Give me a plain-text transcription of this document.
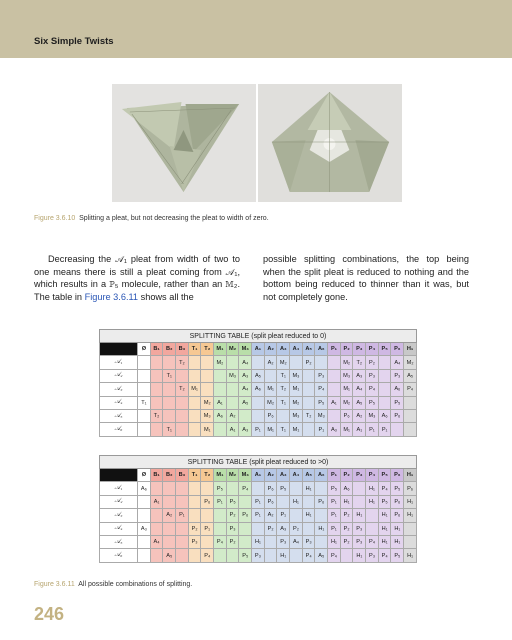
Six Simple Twists
Figure 3.6.10 Splitting a pleat, but not decreasing the pleat to width of zero.
Decreasing the 𝒜₁ pleat from width of two to one means there is still a pleat coming from 𝒜₁, which results in a ℙ₅ molecule, rather than an 𝕄₂. The table in Figure 3.6.11 shows all the
possible splitting combinations, the top being when the split pleat is reduced to nothing and the bottom being reduced to thinner than it was, but not completely gone.
SPLITTING TABLE (split pleat reduced to 0)																						
	Ø	B₁	B₂	B₃	T₁	T₂	M₁	M₂	M₃	A₁	A₂	A₃	A₄	A₅	A₆	P₁	P₂	P₃	P₄	P₅	P₆	H₁
𝒜₁				T₂			M₂		A₄		A₂	M₂		P₂			M₂	T₂	P₂		A₄	M₂
𝒜₂			T₁					M₃	A₃	A₅		T₁	M₃		P₃		M₃	A₃	P₃		P₃	A₅
𝒜₃				T₂	M₁				A₄	A₆	M₁	T₂	M₁		P₄		M₁	A₄	P₄		A₆	P₄
𝒜₄	T₁					M₂	A₁		A₅		M₂	T₁	M₂		P₅	A₁	M₂	A₅	P₅		P₅	
𝒜₅		T₂				M₃	A₆	A₂			P₆		M₃	T₂	M₃		P₆	A₂	M₃	A₆	P₆	
𝒜₆			T₁			M₁		A₁	A₃	P₁	M₁	T₁	M₁		P₁	A₃	M₁	A₁	P₁	P₁		
SPLITTING TABLE (split pleat reduced to >0)																						
	Ø	B₁	B₂	B₃	T₁	T₂	M₁	M₂	M₃	A₁	A₂	A₃	A₄	A₅	A₆	P₁	P₂	P₃	P₄	P₅	P₆	H₁
𝒜₁	A₆						P₅		P₄		P₆	P₅		H₁		P₅	A₆		H₁	P₄	P₅	P₆
𝒜₂		A₁				P₆	P₁	P₅		P₁	P₆		H₁		P₆	P₁	H₁		H₁	P₅	P₆	H₁
𝒜₃			A₂	P₁				P₂	P₆	P₁	A₂	P₁		H₁		P₁	P₂	H₁		H₁	P₆	H₁
𝒜₄	A₃				P₂	P₁		P₃			P₂	A₃	P₂		H₁	P₁	P₂	P₃		H₁	H₁	
𝒜₅		A₄			P₃		P₄	P₂		H₁		P₃	A₄	P₃		H₁	P₂	P₃	P₄	H₁	H₁	
𝒜₆			A₅			P₄			P₅	P₃		H₁		P₄	A₅	P₄		H₁	P₃	P₄	P₅	H₁
Figure 3.6.11 All possible combinations of splitting.
246
